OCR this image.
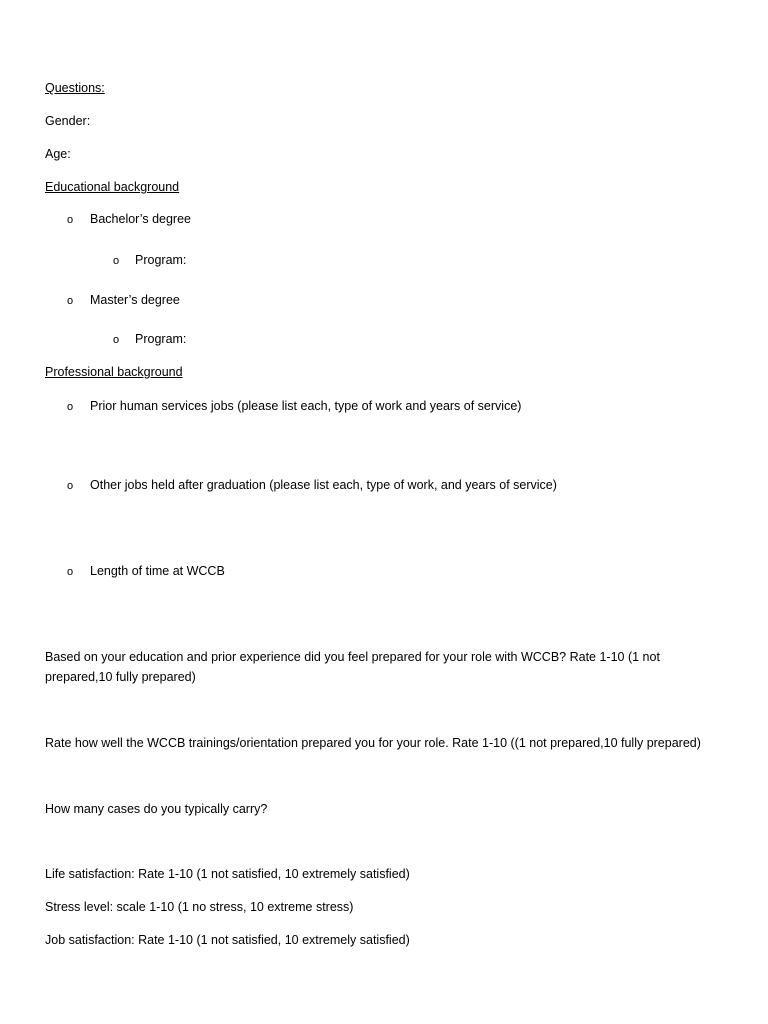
Questions:
Gender:
Age:
Educational background
o Bachelor’s degree
o Program:
o Master’s degree
o Program:
Professional background
o Prior human services jobs (please list each, type of work and years of service)
o Other jobs held after graduation (please list each, type of work, and years of service)
o Length of time at WCCB
Based on your education and prior experience did you feel prepared for your role with WCCB? Rate 1-10 (1 not prepared,10 fully prepared)
Rate how well the WCCB trainings/orientation prepared you for your role. Rate 1-10 ((1 not prepared,10 fully prepared)
How many cases do you typically carry?
Life satisfaction: Rate 1-10 (1 not satisfied, 10 extremely satisfied)
Stress level: scale 1-10 (1 no stress, 10 extreme stress)
Job satisfaction: Rate 1-10 (1 not satisfied, 10 extremely satisfied)
